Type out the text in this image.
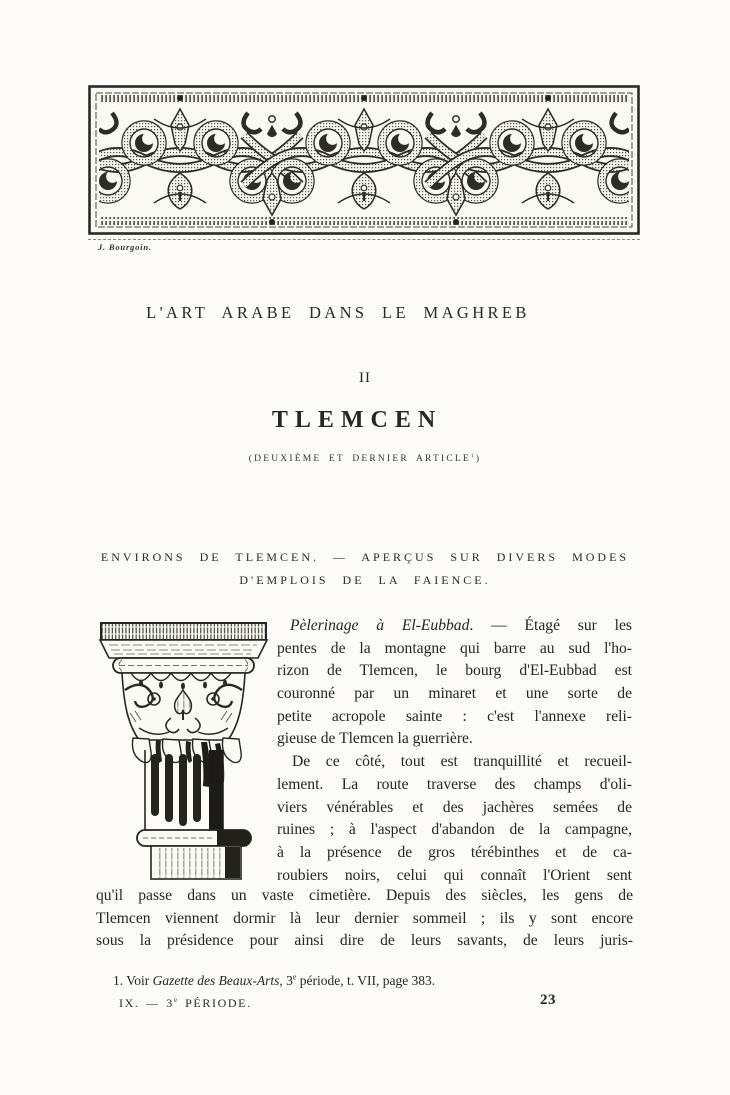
J. Bourgoin.
L'ART ARABE DANS LE MAGHREB
II
TLEMCEN
(DEUXIÈME ET DERNIER ARTICLE$^1$)
ENVIRONS DE TLEMCEN. — APERÇUS SUR DIVERS MODES
D'EMPLOIS DE LA FAIENCE.
Pèlerinage à El-Eubbad. — Étagé sur les
pentes de la montagne qui barre au sud l'ho-
rizon de Tlemcen, le bourg d'El-Eubbad est
couronné par un minaret et une sorte de
petite acropole sainte : c'est l'annexe reli-
gieuse de Tlemcen la guerrière.
De ce côté, tout est tranquillité et recueil-
lement. La route traverse des champs d'oli-
viers vénérables et des jachères semées de
ruines ; à l'aspect d'abandon de la campagne,
à la présence de gros térébinthes et de ca-
roubiers noirs, celui qui connaît l'Orient sent
qu'il passe dans un vaste cimetière. Depuis des siècles, les gens de
Tlemcen viennent dormir là leur dernier sommeil ; ils y sont encore
sous la présidence pour ainsi dire de leurs savants, de leurs juris-
1. Voir Gazette des Beaux-Arts, 3e période, t. VII, page 383.
IX. — 3e PÉRIODE.	23
